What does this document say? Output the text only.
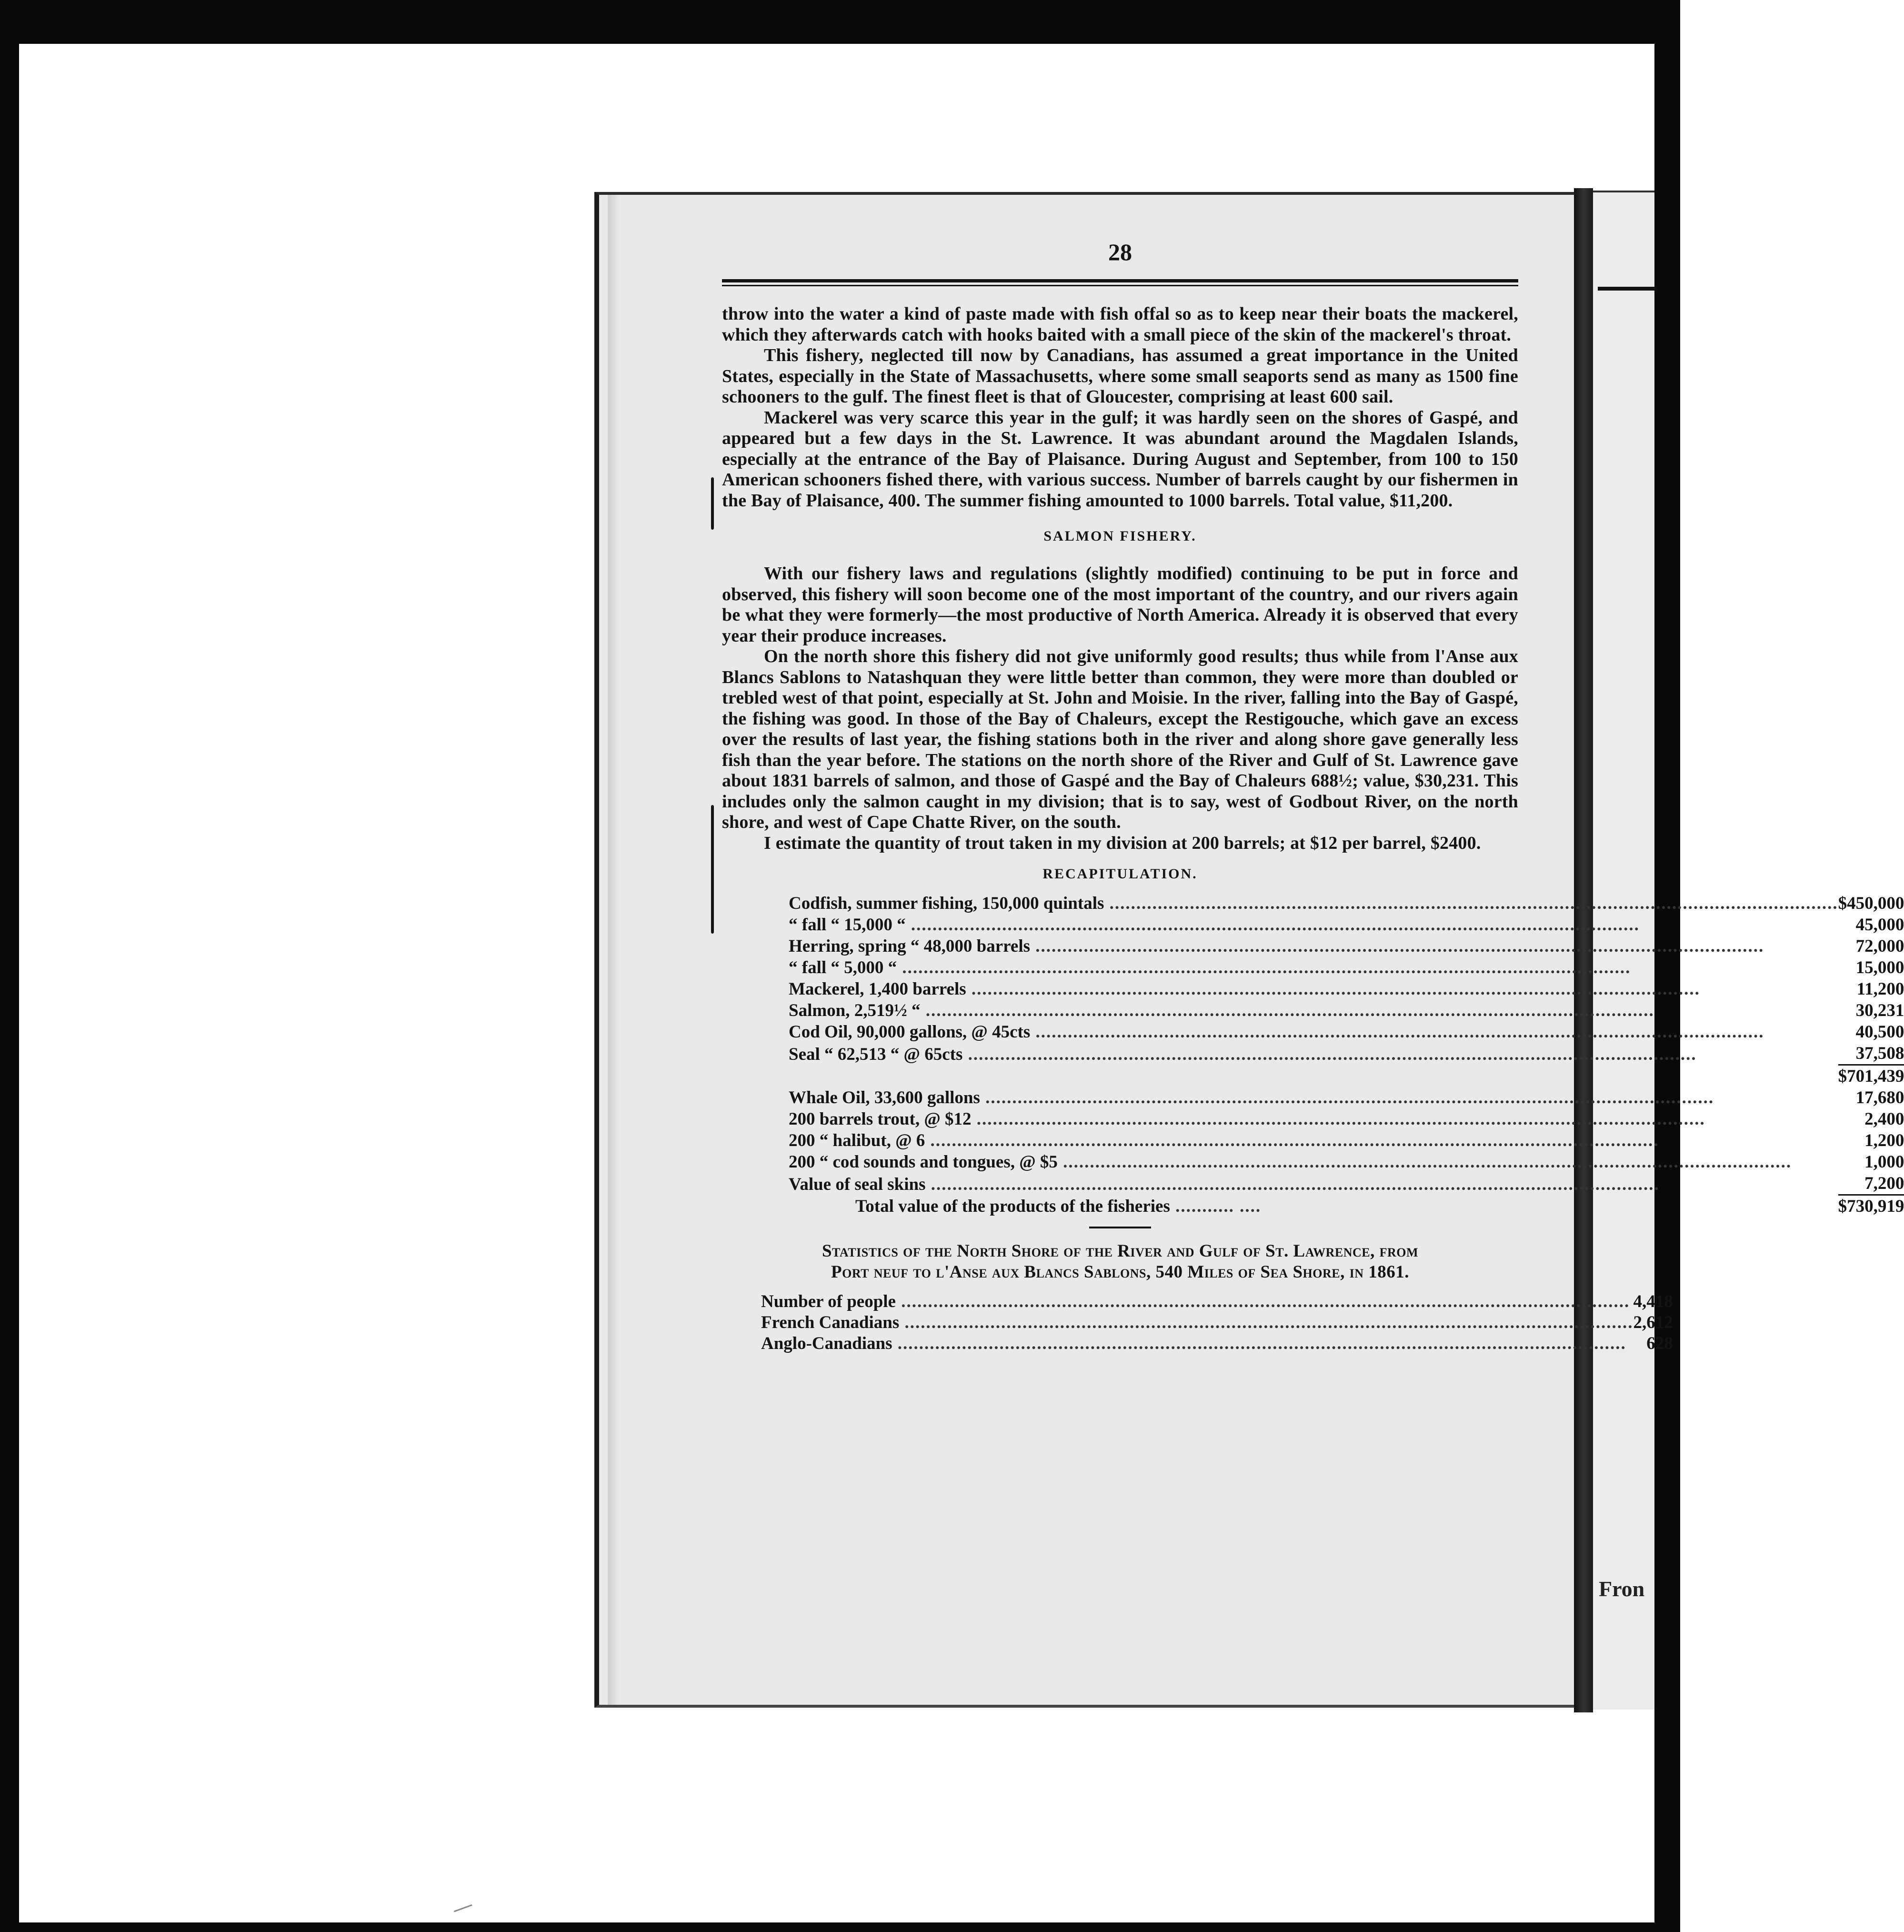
Fron
28

throw into the water a kind of paste made with fish offal so as to keep near their boats the mackerel, which they afterwards catch with hooks baited with a small piece of the skin of the mackerel's throat.

This fishery, neglected till now by Canadians, has assumed a great importance in the United States, especially in the State of Massachusetts, where some small seaports send as many as 1500 fine schooners to the gulf. The finest fleet is that of Gloucester, comprising at least 600 sail.

Mackerel was very scarce this year in the gulf; it was hardly seen on the shores of Gaspé, and appeared but a few days in the St. Lawrence. It was abundant around the Magdalen Islands, especially at the entrance of the Bay of Plaisance. During August and September, from 100 to 150 American schooners fished there, with various success. Number of barrels caught by our fishermen in the Bay of Plaisance, 400. The summer fishing amounted to 1000 barrels. Total value, $11,200.

SALMON FISHERY.

With our fishery laws and regulations (slightly modified) continuing to be put in force and observed, this fishery will soon become one of the most important of the country, and our rivers again be what they were formerly—the most productive of North America. Already it is observed that every year their produce increases.

On the north shore this fishery did not give uniformly good results; thus while from l'Anse aux Blancs Sablons to Natashquan they were little better than common, they were more than doubled or trebled west of that point, especially at St. John and Moisie. In the river, falling into the Bay of Gaspé, the fishing was good. In those of the Bay of Chaleurs, except the Restigouche, which gave an excess over the results of last year, the fishing stations both in the river and along shore gave generally less fish than the year before. The stations on the north shore of the River and Gulf of St. Lawrence gave about 1831 barrels of salmon, and those of Gaspé and the Bay of Chaleurs 688½; value, $30,231. This includes only the salmon caught in my division; that is to say, west of Godbout River, on the north shore, and west of Cape Chatte River, on the south.

I estimate the quantity of trout taken in my division at 200 barrels; at $12 per barrel, $2400.

RECAPITULATION.
Codfish, summer fishing, 150,000 quintals ........................................................................................................................................	$450,000
“ fall “ 15,000 “ ........................................................................................................................................	45,000
Herring, spring “ 48,000 barrels ........................................................................................................................................	72,000
“ fall “ 5,000 “ ........................................................................................................................................	15,000
Mackerel, 1,400 barrels ........................................................................................................................................	11,200
Salmon, 2,519½ “ ........................................................................................................................................	30,231
Cod Oil, 90,000 gallons, @ 45cts ........................................................................................................................................	40,500
Seal “ 62,513 “ @ 65cts ........................................................................................................................................	37,508
	$701,439
Whale Oil, 33,600 gallons ........................................................................................................................................	17,680
200 barrels trout, @ $12 ........................................................................................................................................	2,400
200 “ halibut, @ 6 ........................................................................................................................................	1,200
200 “ cod sounds and tongues, @ $5 ........................................................................................................................................	1,000
Value of seal skins ........................................................................................................................................	7,200
Total value of the products of the fisheries ........... ....	$730,919
Statistics of the North Shore of the River and Gulf of St. Lawrence, from
Port neuf to l'Anse aux Blancs Sablons, 540 Miles of Sea Shore, in 1861.
Number of people ........................................................................................................................................	4,418
French Canadians ........................................................................................................................................	2,612
Anglo-Canadians ........................................................................................................................................	628
